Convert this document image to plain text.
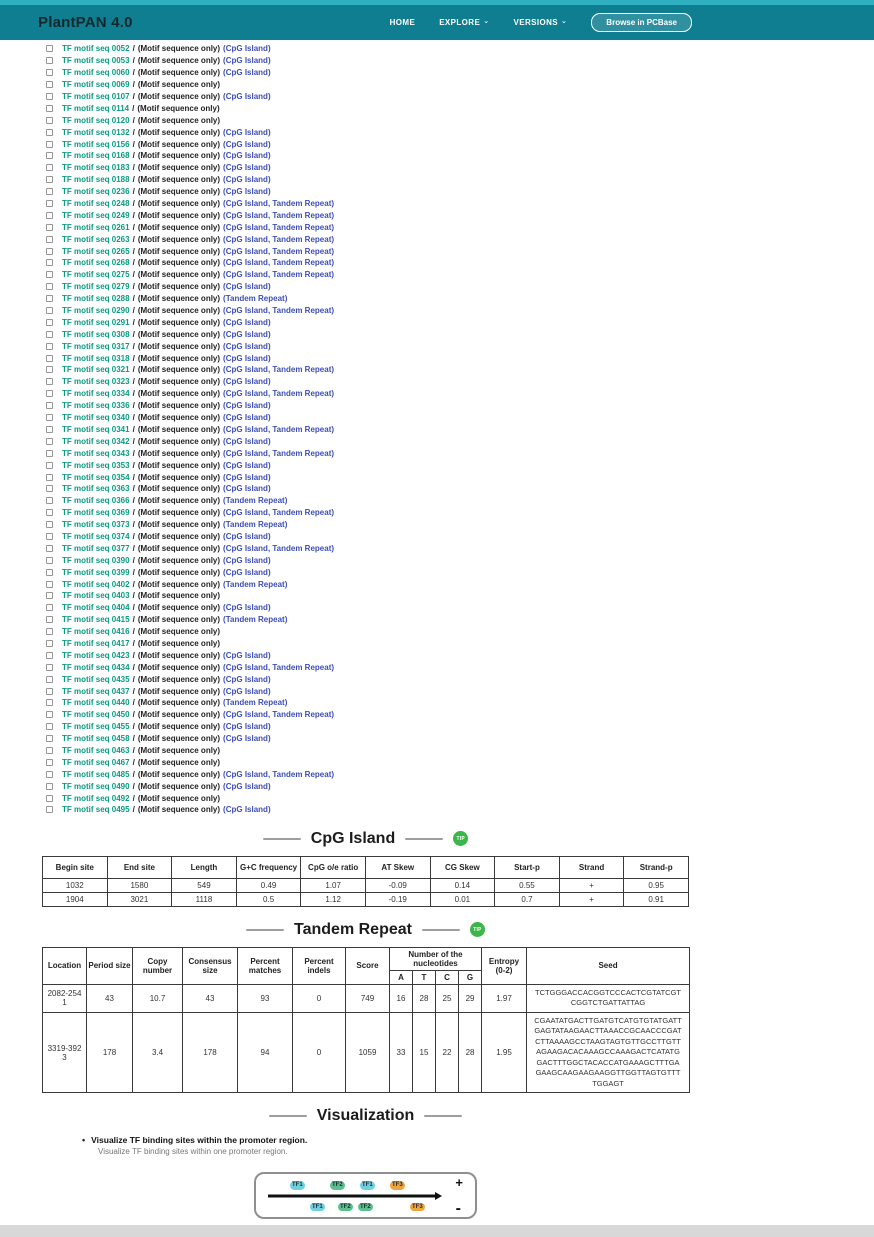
PlantPAN 4.0	HOME	EXPLORE ⌄	VERSIONS ⌄	Browse in PCBase
TF motif seq 0052 / (Motif sequence only) (CpG Island)
TF motif seq 0053 / (Motif sequence only) (CpG Island)
TF motif seq 0060 / (Motif sequence only) (CpG Island)
TF motif seq 0069 / (Motif sequence only)
TF motif seq 0107 / (Motif sequence only) (CpG Island)
TF motif seq 0114 / (Motif sequence only)
TF motif seq 0120 / (Motif sequence only)
TF motif seq 0132 / (Motif sequence only) (CpG Island)
TF motif seq 0156 / (Motif sequence only) (CpG Island)
TF motif seq 0168 / (Motif sequence only) (CpG Island)
TF motif seq 0183 / (Motif sequence only) (CpG Island)
TF motif seq 0188 / (Motif sequence only) (CpG Island)
TF motif seq 0236 / (Motif sequence only) (CpG Island)
TF motif seq 0248 / (Motif sequence only) (CpG Island, Tandem Repeat)
TF motif seq 0249 / (Motif sequence only) (CpG Island, Tandem Repeat)
TF motif seq 0261 / (Motif sequence only) (CpG Island, Tandem Repeat)
TF motif seq 0263 / (Motif sequence only) (CpG Island, Tandem Repeat)
TF motif seq 0265 / (Motif sequence only) (CpG Island, Tandem Repeat)
TF motif seq 0268 / (Motif sequence only) (CpG Island, Tandem Repeat)
TF motif seq 0275 / (Motif sequence only) (CpG Island, Tandem Repeat)
TF motif seq 0279 / (Motif sequence only) (CpG Island)
TF motif seq 0288 / (Motif sequence only) (Tandem Repeat)
TF motif seq 0290 / (Motif sequence only) (CpG Island, Tandem Repeat)
TF motif seq 0291 / (Motif sequence only) (CpG Island)
TF motif seq 0308 / (Motif sequence only) (CpG Island)
TF motif seq 0317 / (Motif sequence only) (CpG Island)
TF motif seq 0318 / (Motif sequence only) (CpG Island)
TF motif seq 0321 / (Motif sequence only) (CpG Island, Tandem Repeat)
TF motif seq 0323 / (Motif sequence only) (CpG Island)
TF motif seq 0334 / (Motif sequence only) (CpG Island, Tandem Repeat)
TF motif seq 0336 / (Motif sequence only) (CpG Island)
TF motif seq 0340 / (Motif sequence only) (CpG Island)
TF motif seq 0341 / (Motif sequence only) (CpG Island, Tandem Repeat)
TF motif seq 0342 / (Motif sequence only) (CpG Island)
TF motif seq 0343 / (Motif sequence only) (CpG Island, Tandem Repeat)
TF motif seq 0353 / (Motif sequence only) (CpG Island)
TF motif seq 0354 / (Motif sequence only) (CpG Island)
TF motif seq 0363 / (Motif sequence only) (CpG Island)
TF motif seq 0366 / (Motif sequence only) (Tandem Repeat)
TF motif seq 0369 / (Motif sequence only) (CpG Island, Tandem Repeat)
TF motif seq 0373 / (Motif sequence only) (Tandem Repeat)
TF motif seq 0374 / (Motif sequence only) (CpG Island)
TF motif seq 0377 / (Motif sequence only) (CpG Island, Tandem Repeat)
TF motif seq 0390 / (Motif sequence only) (CpG Island)
TF motif seq 0399 / (Motif sequence only) (CpG Island)
TF motif seq 0402 / (Motif sequence only) (Tandem Repeat)
TF motif seq 0403 / (Motif sequence only)
TF motif seq 0404 / (Motif sequence only) (CpG Island)
TF motif seq 0415 / (Motif sequence only) (Tandem Repeat)
TF motif seq 0416 / (Motif sequence only)
TF motif seq 0417 / (Motif sequence only)
TF motif seq 0423 / (Motif sequence only) (CpG Island)
TF motif seq 0434 / (Motif sequence only) (CpG Island, Tandem Repeat)
TF motif seq 0435 / (Motif sequence only) (CpG Island)
TF motif seq 0437 / (Motif sequence only) (CpG Island)
TF motif seq 0440 / (Motif sequence only) (Tandem Repeat)
TF motif seq 0450 / (Motif sequence only) (CpG Island, Tandem Repeat)
TF motif seq 0455 / (Motif sequence only) (CpG Island)
TF motif seq 0458 / (Motif sequence only) (CpG Island)
TF motif seq 0463 / (Motif sequence only)
TF motif seq 0467 / (Motif sequence only)
TF motif seq 0485 / (Motif sequence only) (CpG Island, Tandem Repeat)
TF motif seq 0490 / (Motif sequence only) (CpG Island)
TF motif seq 0492 / (Motif sequence only)
TF motif seq 0495 / (Motif sequence only) (CpG Island)
CpG Island	TIP
Begin site	End site	Length	G+C frequency	CpG o/e ratio	AT Skew	CG Skew	Start-p	Strand	Strand-p
1032	1580	549	0.49	1.07	-0.09	0.14	0.55	+	0.95
1904	3021	1118	0.5	1.12	-0.19	0.01	0.7	+	0.91
Tandem Repeat	TIP
Location	Period size	Copy number	Consensus size	Percent matches	Percent indels	Score	Number of the nucleotides				Entropy (0-2)	Seed
							A	T	C	G		
2082-2541	43	10.7	43	93	0	749	16	28	25	29	1.97	TCTGGGACCACGGTCCCACTCGTATCGTCGGTCTGATTATTAG
3319-3923	178	3.4	178	94	0	1059	33	15	22	28	1.95	CGAATATGACTTGATGTCATGTGTATGATTGAGTATAAGAACTTAAACCGCAACCCGATCTTAAAAGCCTAAGTAGTGTTGCCTTGTTAGAAGACACAAAGCCAAAGACTCATATGGACTTTGGCTACACCATGAAAGCTTTGAGAAGCAAGAAGAAGGTTGGTTAGTGTTTTGGAGT
Visualization
• Visualize TF binding sites within the promoter region.
Visualize TF binding sites within one promoter region.
+
-
TF1	TF2	TF1	TF3
TF1	TF2	TF2	TF3
